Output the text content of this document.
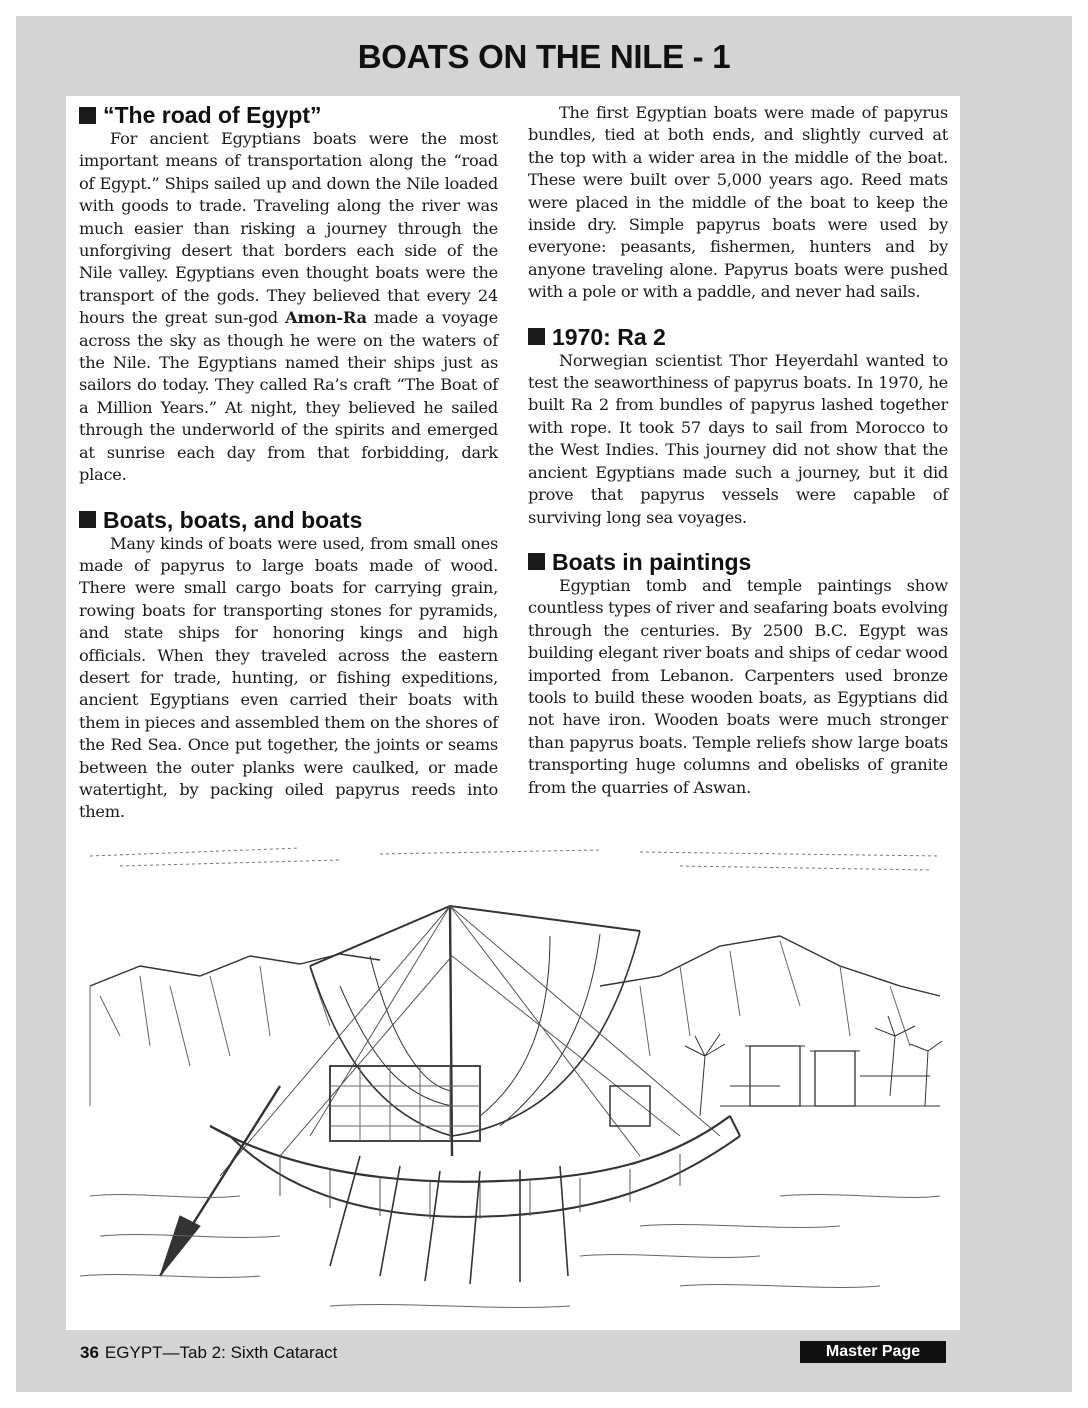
BOATS ON THE NILE - 1
“The road of Egypt”

For ancient Egyptians boats were the most important means of transportation along the “road of Egypt.” Ships sailed up and down the Nile loaded with goods to trade. Traveling along the river was much easier than risking a journey through the unforgiving desert that borders each side of the Nile valley. Egyptians even thought boats were the transport of the gods. They believed that every 24 hours the great sun-god Amon-Ra made a voyage across the sky as though he were on the waters of the Nile. The Egyptians named their ships just as sailors do today. They called Ra’s craft “The Boat of a Million Years.” At night, they believed he sailed through the underworld of the spirits and emerged at sunrise each day from that forbidding, dark place.

Boats, boats, and boats

Many kinds of boats were used, from small ones made of papyrus to large boats made of wood. There were small cargo boats for carrying grain, rowing boats for transporting stones for pyramids, and state ships for honoring kings and high officials. When they traveled across the eastern desert for trade, hunting, or fishing expeditions, ancient Egyptians even carried their boats with them in pieces and assembled them on the shores of the Red Sea. Once put together, the joints or seams between the outer planks were caulked, or made watertight, by packing oiled papyrus reeds into them.

The first Egyptian boats were made of papyrus bundles, tied at both ends, and slightly curved at the top with a wider area in the middle of the boat. These were built over 5,000 years ago. Reed mats were placed in the middle of the boat to keep the inside dry. Simple papyrus boats were used by everyone: peasants, fishermen, hunters and by anyone traveling alone. Papyrus boats were pushed with a pole or with a paddle, and never had sails.

1970: Ra 2

Norwegian scientist Thor Heyerdahl wanted to test the seaworthiness of papyrus boats. In 1970, he built Ra 2 from bundles of papyrus lashed together with rope. It took 57 days to sail from Morocco to the West Indies. This journey did not show that the ancient Egyptians made such a journey, but it did prove that papyrus vessels were capable of surviving long sea voyages.

Boats in paintings

Egyptian tomb and temple paintings show countless types of river and seafaring boats evolving through the centuries. By 2500 B.C. Egypt was building elegant river boats and ships of cedar wood imported from Lebanon. Carpenters used bronze tools to build these wooden boats, as Egyptians did not have iron. Wooden boats were much stronger than papyrus boats. Temple reliefs show large boats transporting huge columns and obelisks of granite from the quarries of Aswan.

36 EGYPT—Tab 2: Sixth Cataract	Master Page
